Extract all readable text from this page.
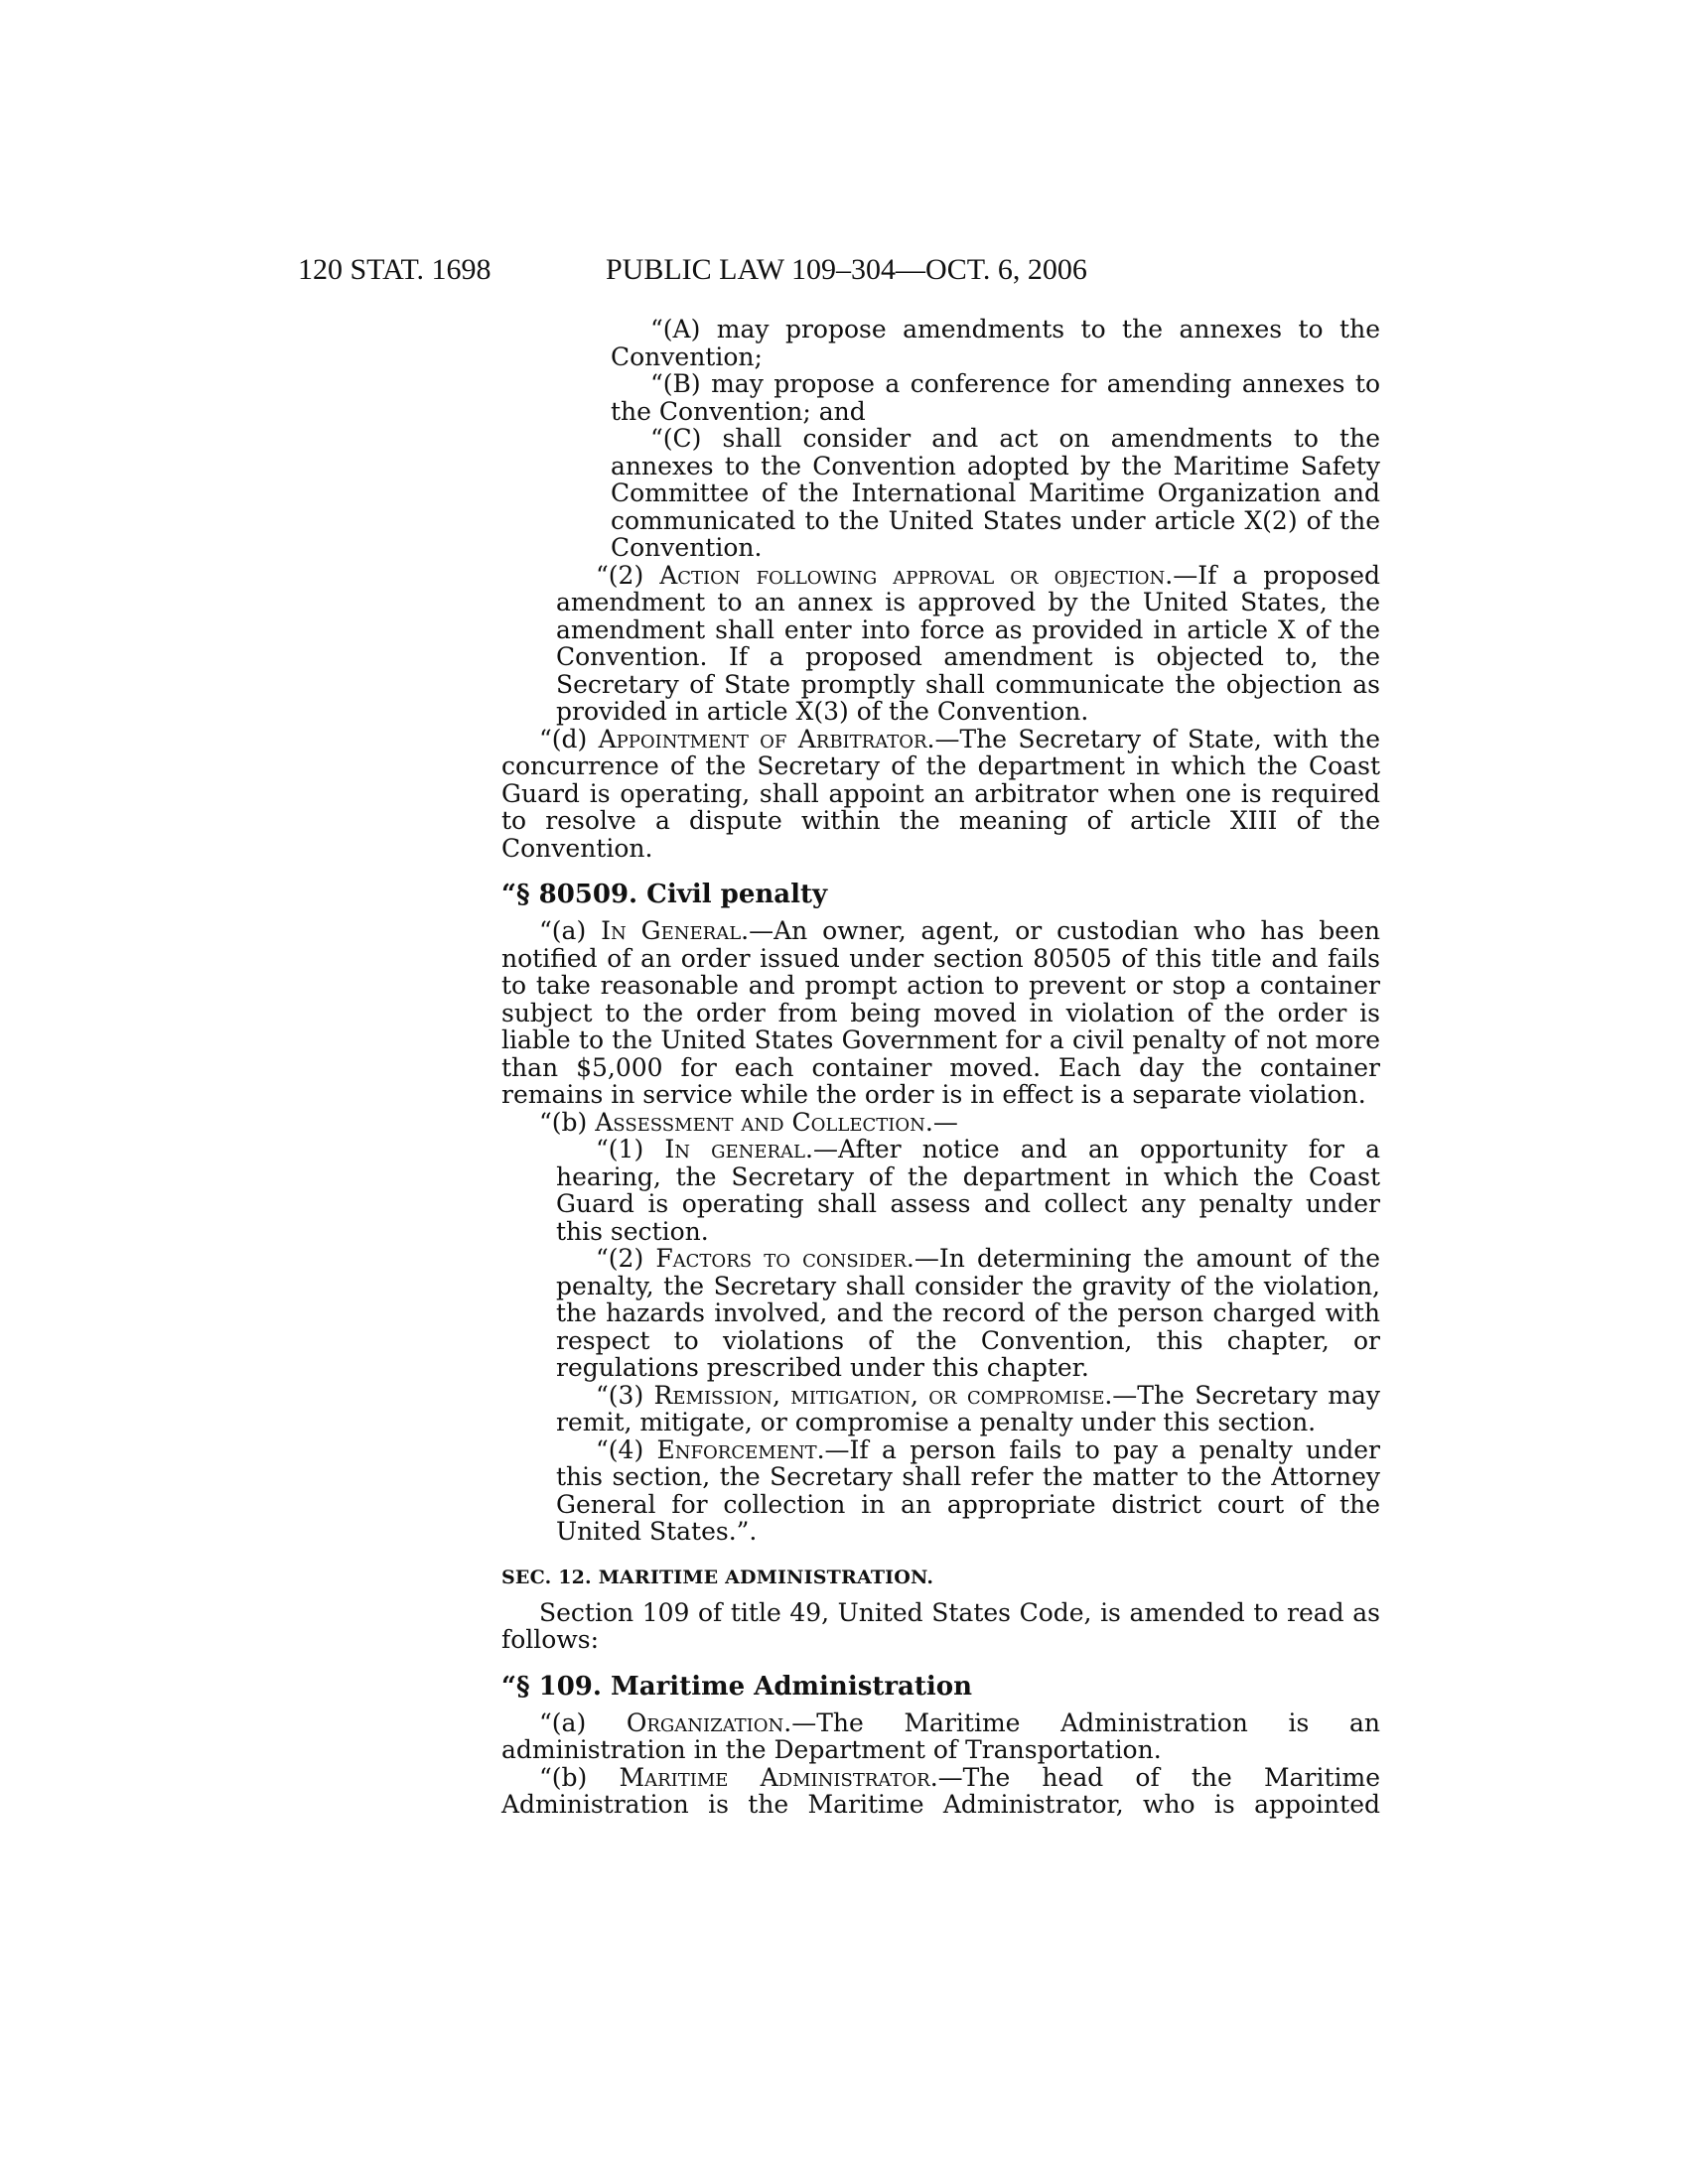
120 STAT. 1698	PUBLIC LAW 109–304—OCT. 6, 2006

“(A) may propose amendments to the annexes to the Convention;

“(B) may propose a conference for amending annexes to the Convention; and

“(C) shall consider and act on amendments to the annexes to the Convention adopted by the Maritime Safety Committee of the International Maritime Organization and communicated to the United States under article X(2) of the Convention.

“(2) Action following approval or objection.—If a proposed amendment to an annex is approved by the United States, the amendment shall enter into force as provided in article X of the Convention. If a proposed amendment is objected to, the Secretary of State promptly shall communicate the objection as provided in article X(3) of the Convention.

“(d) Appointment of Arbitrator.—The Secretary of State, with the concurrence of the Secretary of the department in which the Coast Guard is operating, shall appoint an arbitrator when one is required to resolve a dispute within the meaning of article XIII of the Convention.

“§ 80509. Civil penalty

“(a) In General.—An owner, agent, or custodian who has been notified of an order issued under section 80505 of this title and fails to take reasonable and prompt action to prevent or stop a container subject to the order from being moved in violation of the order is liable to the United States Government for a civil penalty of not more than $5,000 for each container moved. Each day the container remains in service while the order is in effect is a separate violation.

“(b) Assessment and Collection.—

“(1) In general.—After notice and an opportunity for a hearing, the Secretary of the department in which the Coast Guard is operating shall assess and collect any penalty under this section.

“(2) Factors to consider.—In determining the amount of the penalty, the Secretary shall consider the gravity of the violation, the hazards involved, and the record of the person charged with respect to violations of the Convention, this chapter, or regulations prescribed under this chapter.

“(3) Remission, mitigation, or compromise.—The Secretary may remit, mitigate, or compromise a penalty under this section.

“(4) Enforcement.—If a person fails to pay a penalty under this section, the Secretary shall refer the matter to the Attorney General for collection in an appropriate district court of the United States.”.

SEC. 12. MARITIME ADMINISTRATION.

Section 109 of title 49, United States Code, is amended to read as follows:

“§ 109. Maritime Administration

“(a) Organization.—The Maritime Administration is an administration in the Department of Transportation.

“(b) Maritime Administrator.—The head of the Maritime Administration is the Maritime Administrator, who is appointed
